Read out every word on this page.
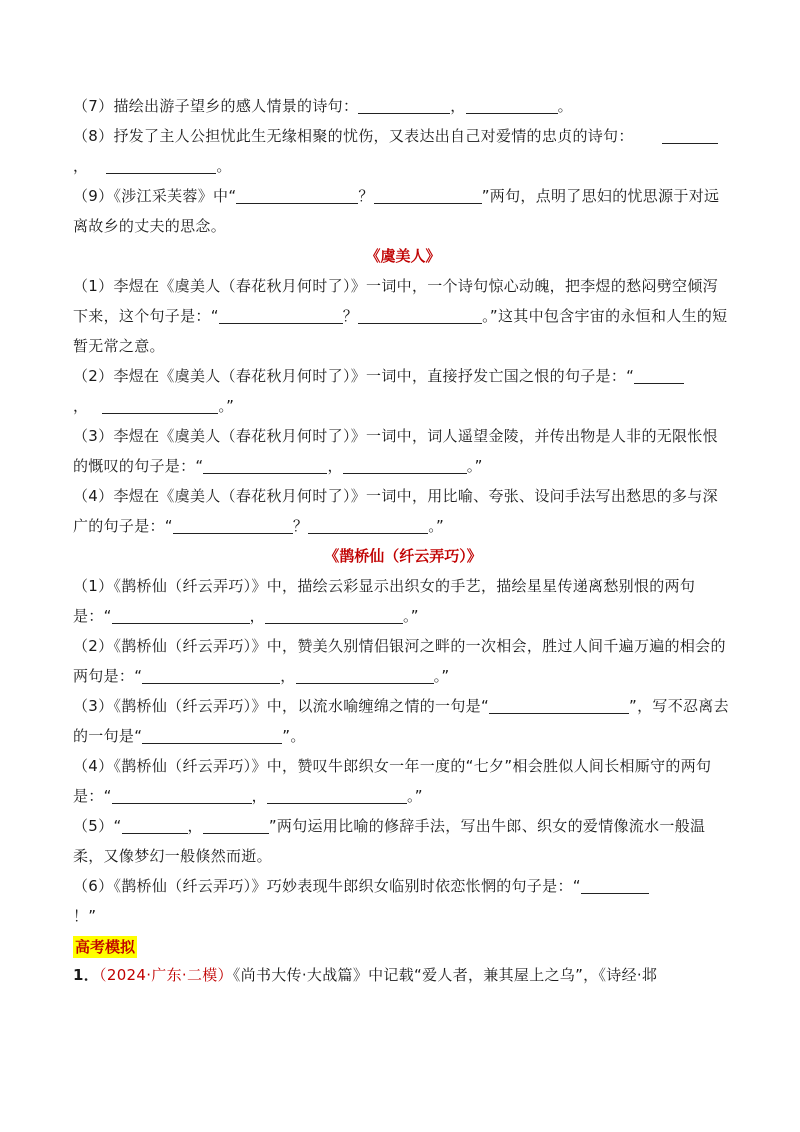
（7）描绘出游子望乡的感人情景的诗句：	，	。

（8）抒发了主人公担忧此生无缘相聚的忧伤，又表达出自己对爱情的忠贞的诗句：
，	。

（9）《涉江采芙蓉》中“	？	”两句，点明了思妇的忧思源于对远离故乡的丈夫的思念。

《虞美人》

（1）李煜在《虞美人（春花秋月何时了）》一词中，一个诗句惊心动魄，把李煜的愁闷劈空倾泻下来，这个句子是：“	？	。”这其中包含宇宙的永恒和人生的短暂无常之意。

（2）李煜在《虞美人（春花秋月何时了）》一词中，直接抒发亡国之恨的句子是：“
，	。”

（3）李煜在《虞美人（春花秋月何时了）》一词中，词人遥望金陵，并传出物是人非的无限怅恨的慨叹的句子是：“	，	。”

（4）李煜在《虞美人（春花秋月何时了）》一词中，用比喻、夸张、设问手法写出愁思的多与深广的句子是：“	？	。”

《鹊桥仙（纤云弄巧）》

（1）《鹊桥仙（纤云弄巧）》中，描绘云彩显示出织女的手艺，描绘星星传递离愁别恨的两句是：“	，	。”

（2）《鹊桥仙（纤云弄巧）》中，赞美久别情侣银河之畔的一次相会，胜过人间千遍万遍的相会的两句是：“	，	。”

（3）《鹊桥仙（纤云弄巧）》中，以流水喻缠绵之情的一句是“	”，写不忍离去的一句是“	”。

（4）《鹊桥仙（纤云弄巧）》中，赞叹牛郎织女一年一度的“七夕”相会胜似人间长相厮守的两句是：“	，	。”

（5）“	，	”两句运用比喻的修辞手法，写出牛郎、织女的爱情像流水一般温柔，又像梦幻一般倏然而逝。

（6）《鹊桥仙（纤云弄巧）》巧妙表现牛郎织女临别时依恋怅惘的句子是：“
！”

高考模拟

1．（2024·广东·二模）《尚书大传·大战篇》中记载“爱人者，兼其屋上之乌”，《诗经·邶
